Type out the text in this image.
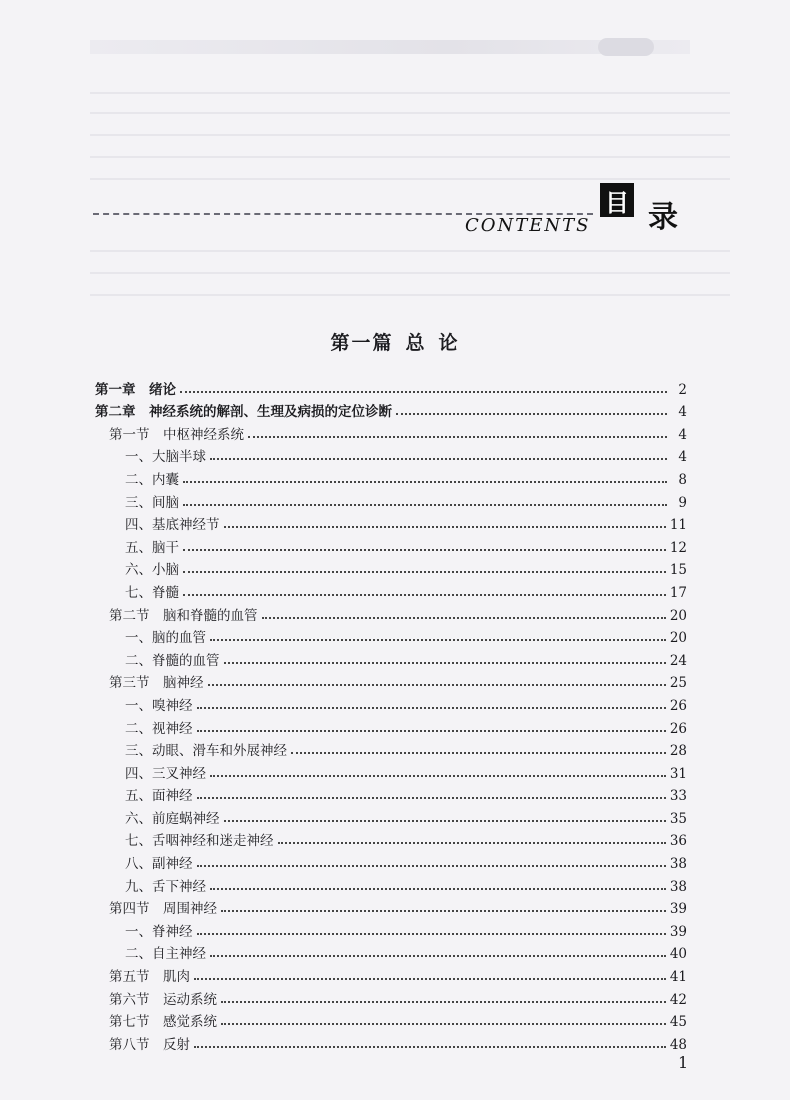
目 录
CONTENTS
第一篇 总 论
第一章　绪论	2
第二章　神经系统的解剖、生理及病损的定位诊断	4
第一节　中枢神经系统	4
一、大脑半球	4
二、内囊	8
三、间脑	9
四、基底神经节	11
五、脑干	12
六、小脑	15
七、脊髓	17
第二节　脑和脊髓的血管	20
一、脑的血管	20
二、脊髓的血管	24
第三节　脑神经	25
一、嗅神经	26
二、视神经	26
三、动眼、滑车和外展神经	28
四、三叉神经	31
五、面神经	33
六、前庭蜗神经	35
七、舌咽神经和迷走神经	36
八、副神经	38
九、舌下神经	38
第四节　周围神经	39
一、脊神经	39
二、自主神经	40
第五节　肌肉	41
第六节　运动系统	42
第七节　感觉系统	45
第八节　反射	48
1
